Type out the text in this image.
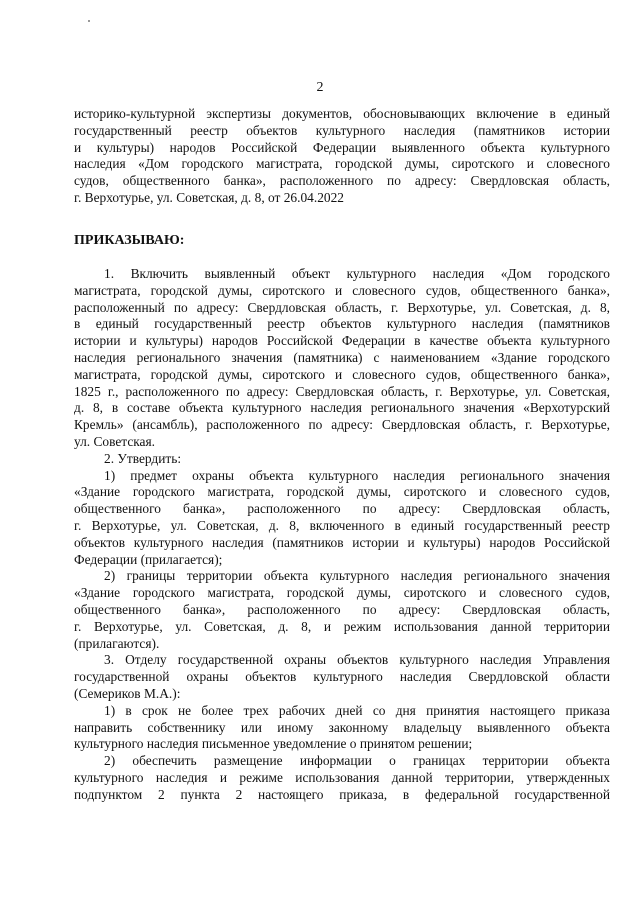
2
историко-культурной экспертизы документов, обосновывающих включение в единый
государственный реестр объектов культурного наследия (памятников истории
и культуры) народов Российской Федерации выявленного объекта культурного
наследия «Дом городского магистрата, городской думы, сиротского и словесного
судов, общественного банка», расположенного по адресу: Свердловская область,
г. Верхотурье, ул. Советская, д. 8, от 26.04.2022
ПРИКАЗЫВАЮ:
1. Включить выявленный объект культурного наследия «Дом городского
магистрата, городской думы, сиротского и словесного судов, общественного банка»,
расположенный по адресу: Свердловская область, г. Верхотурье, ул. Советская, д. 8,
в единый государственный реестр объектов культурного наследия (памятников
истории и культуры) народов Российской Федерации в качестве объекта культурного
наследия регионального значения (памятника) с наименованием «Здание городского
магистрата, городской думы, сиротского и словесного судов, общественного банка»,
1825 г., расположенного по адресу: Свердловская область, г. Верхотурье, ул. Советская,
д. 8, в составе объекта культурного наследия регионального значения «Верхотурский
Кремль» (ансамбль), расположенного по адресу: Свердловская область, г. Верхотурье,
ул. Советская.
2. Утвердить:
1) предмет охраны объекта культурного наследия регионального значения
«Здание городского магистрата, городской думы, сиротского и словесного судов,
общественного банка», расположенного по адресу: Свердловская область,
г. Верхотурье, ул. Советская, д. 8, включенного в единый государственный реестр
объектов культурного наследия (памятников истории и культуры) народов Российской
Федерации (прилагается);
2) границы территории объекта культурного наследия регионального значения
«Здание городского магистрата, городской думы, сиротского и словесного судов,
общественного банка», расположенного по адресу: Свердловская область,
г. Верхотурье, ул. Советская, д. 8, и режим использования данной территории
(прилагаются).
3. Отделу государственной охраны объектов культурного наследия Управления
государственной охраны объектов культурного наследия Свердловской области
(Семериков М.А.):
1) в срок не более трех рабочих дней со дня принятия настоящего приказа
направить собственнику или иному законному владельцу выявленного объекта
культурного наследия письменное уведомление о принятом решении;
2) обеспечить размещение информации о границах территории объекта
культурного наследия и режиме использования данной территории, утвержденных
подпунктом 2 пункта 2 настоящего приказа, в федеральной государственной
